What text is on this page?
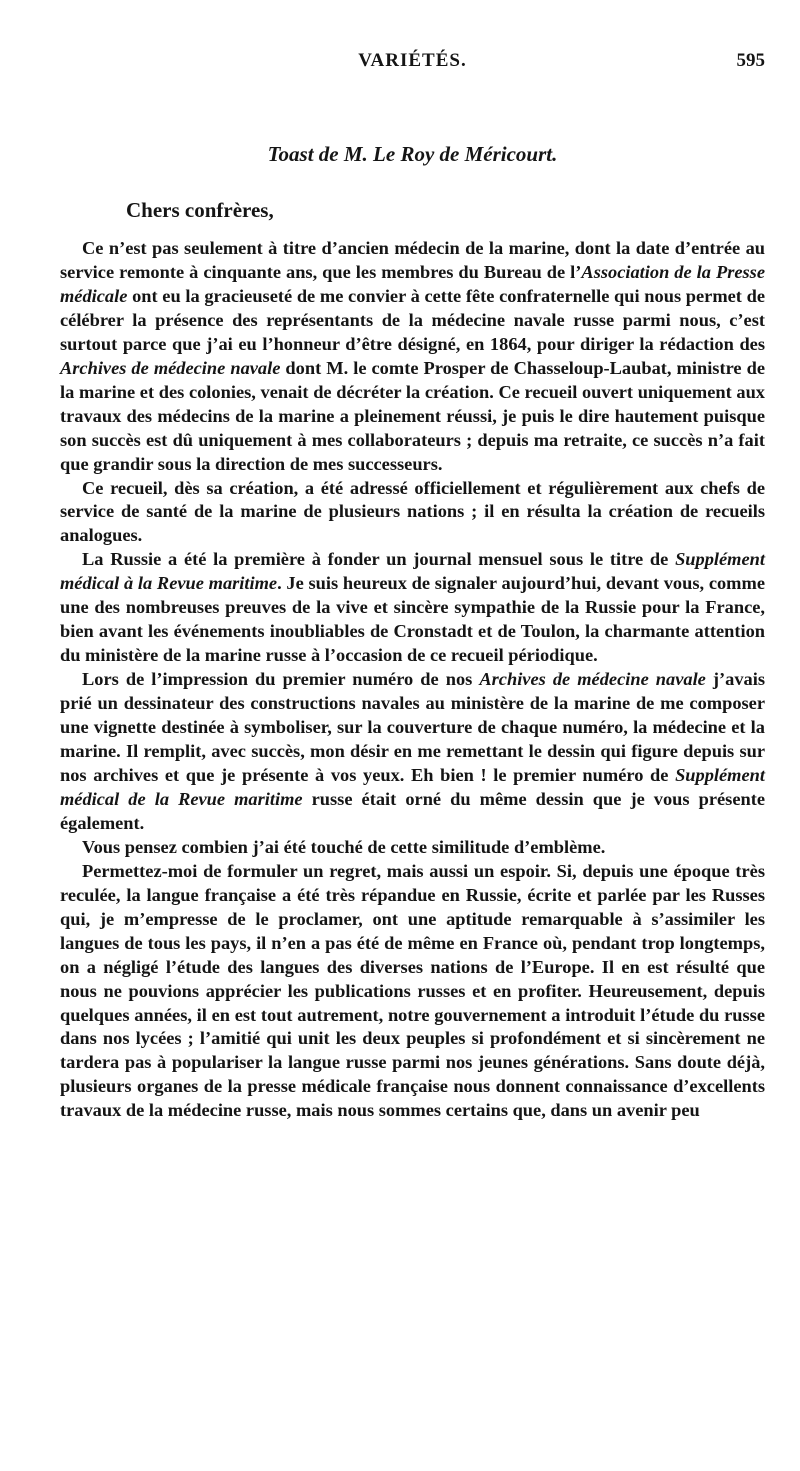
VARIÉTÉS.	595
Toast de M. Le Roy de Méricourt.
Chers confrères,

Ce n’est pas seulement à titre d’ancien médecin de la marine, dont la date d’entrée au service remonte à cinquante ans, que les membres du Bureau de l’Association de la Presse médicale ont eu la gracieuseté de me convier à cette fête confraternelle qui nous permet de célébrer la présence des représentants de la médecine navale russe parmi nous, c’est surtout parce que j’ai eu l’honneur d’être désigné, en 1864, pour diriger la rédaction des Archives de médecine navale dont M. le comte Prosper de Chasseloup-Laubat, ministre de la marine et des colonies, venait de décréter la création. Ce recueil ouvert uniquement aux travaux des médecins de la marine a pleinement réussi, je puis le dire hautement puisque son succès est dû uniquement à mes collaborateurs ; depuis ma retraite, ce succès n’a fait que grandir sous la direction de mes successeurs.

Ce recueil, dès sa création, a été adressé officiellement et régulièrement aux chefs de service de santé de la marine de plusieurs nations ; il en résulta la création de recueils analogues.

La Russie a été la première à fonder un journal mensuel sous le titre de Supplément médical à la Revue maritime. Je suis heureux de signaler aujourd’hui, devant vous, comme une des nombreuses preuves de la vive et sincère sympathie de la Russie pour la France, bien avant les événements inoubliables de Cronstadt et de Toulon, la charmante attention du ministère de la marine russe à l’occasion de ce recueil périodique.

Lors de l’impression du premier numéro de nos Archives de médecine navale j’avais prié un dessinateur des constructions navales au ministère de la marine de me composer une vignette destinée à symboliser, sur la couverture de chaque numéro, la médecine et la marine. Il remplit, avec succès, mon désir en me remettant le dessin qui figure depuis sur nos archives et que je présente à vos yeux. Eh bien ! le premier numéro de Supplément médical de la Revue maritime russe était orné du même dessin que je vous présente également.

Vous pensez combien j’ai été touché de cette similitude d’emblème.

Permettez-moi de formuler un regret, mais aussi un espoir. Si, depuis une époque très reculée, la langue française a été très répandue en Russie, écrite et parlée par les Russes qui, je m’empresse de le proclamer, ont une aptitude remarquable à s’assimiler les langues de tous les pays, il n’en a pas été de même en France où, pendant trop longtemps, on a négligé l’étude des langues des diverses nations de l’Europe. Il en est résulté que nous ne pouvions apprécier les publications russes et en profiter. Heureusement, depuis quelques années, il en est tout autrement, notre gouvernement a introduit l’étude du russe dans nos lycées ; l’amitié qui unit les deux peuples si profondément et si sincèrement ne tardera pas à populariser la langue russe parmi nos jeunes générations. Sans doute déjà, plusieurs organes de la presse médicale française nous donnent connaissance d’excellents travaux de la médecine russe, mais nous sommes certains que, dans un avenir peu
